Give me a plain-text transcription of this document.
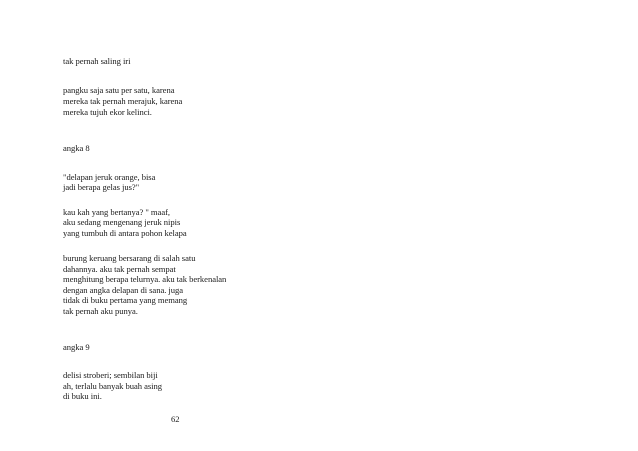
tak pernah saling iri
pangku saja satu per satu, karena
mereka tak pernah merajuk, karena
mereka tujuh ekor kelinci.
angka 8
"delapan jeruk orange, bisa
jadi berapa gelas jus?"
kau kah yang bertanya? " maaf,
aku sedang mengenang jeruk nipis
yang tumbuh di antara pohon kelapa
burung keruang bersarang di salah satu
dahannya. aku tak pernah sempat
menghitung berapa telurnya. aku tak berkenalan
dengan angka delapan di sana. juga
tidak di buku pertama yang memang
tak pernah aku punya.
angka 9
delisi stroberi; sembilan biji
ah, terlalu banyak buah asing
di buku ini.
62
